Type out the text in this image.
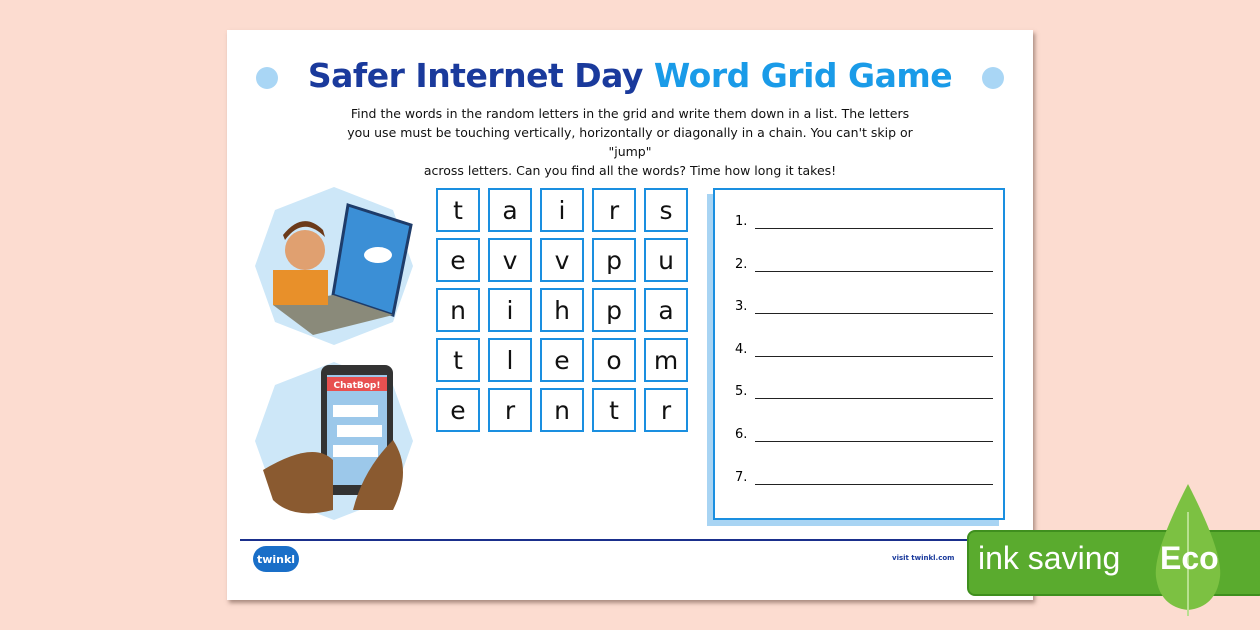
Safer Internet Day Word Grid Game
Find the words in the random letters in the grid and write them down in a list. The letters
you use must be touching vertically, horizontally or diagonally in a chain. You can't skip or "jump"
across letters. Can you find all the words? Time how long it takes!
ChatBop!
t	a	i	r	s
e	v	v	p	u
n	i	h	p	a
t	l	e	o	m
e	r	n	t	r
1.
2.
3.
4.
5.
6.
7.
twinkl	visit twinkl.com ink saving Eco
